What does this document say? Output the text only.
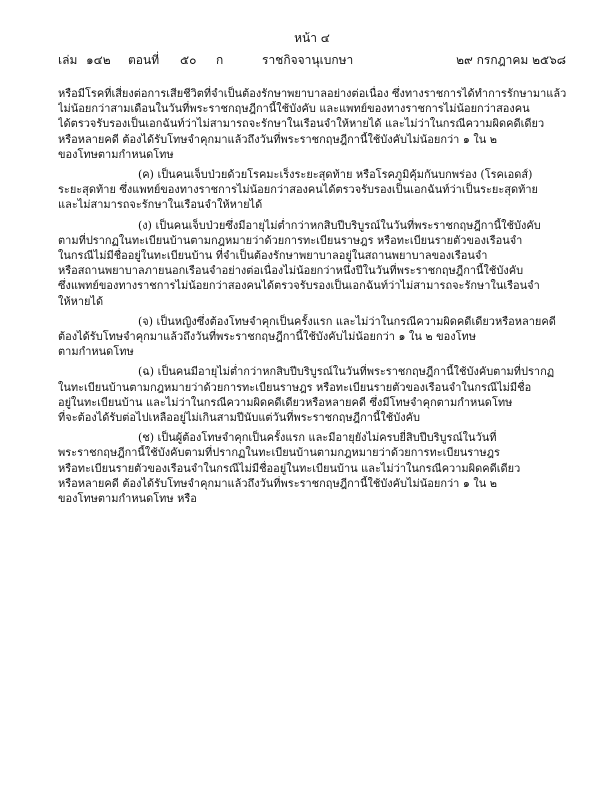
หน้า ๔
เล่ม ๑๔๒ ตอนที่ ๕๐ ก	ราชกิจจานุเบกษา	๒๙ กรกฎาคม ๒๕๖๘
หรือมีโรคที่เสี่ยงต่อการเสียชีวิตที่จำเป็นต้องรักษาพยาบาลอย่างต่อเนื่อง ซึ่งทางราชการได้ทำการรักษามาแล้ว
ไม่น้อยกว่าสามเดือนในวันที่พระราชกฤษฎีกานี้ใช้บังคับ และแพทย์ของทางราชการไม่น้อยกว่าสองคน
ได้ตรวจรับรองเป็นเอกฉันท์ว่าไม่สามารถจะรักษาในเรือนจำให้หายได้ และไม่ว่าในกรณีความผิดคดีเดียว
หรือหลายคดี ต้องได้รับโทษจำคุกมาแล้วถึงวันที่พระราชกฤษฎีกานี้ใช้บังคับไม่น้อยกว่า ๑ ใน ๒
ของโทษตามกำหนดโทษ
(ค) เป็นคนเจ็บป่วยด้วยโรคมะเร็งระยะสุดท้าย หรือโรคภูมิคุ้มกันบกพร่อง (โรคเอดส์)
ระยะสุดท้าย ซึ่งแพทย์ของทางราชการไม่น้อยกว่าสองคนได้ตรวจรับรองเป็นเอกฉันท์ว่าเป็นระยะสุดท้าย
และไม่สามารถจะรักษาในเรือนจำให้หายได้
(ง) เป็นคนเจ็บป่วยซึ่งมีอายุไม่ต่ำกว่าหกสิบปีบริบูรณ์ในวันที่พระราชกฤษฎีกานี้ใช้บังคับ
ตามที่ปรากฏในทะเบียนบ้านตามกฎหมายว่าด้วยการทะเบียนราษฎร หรือทะเบียนรายตัวของเรือนจำ
ในกรณีไม่มีชื่ออยู่ในทะเบียนบ้าน ที่จำเป็นต้องรักษาพยาบาลอยู่ในสถานพยาบาลของเรือนจำ
หรือสถานพยาบาลภายนอกเรือนจำอย่างต่อเนื่องไม่น้อยกว่าหนึ่งปีในวันที่พระราชกฤษฎีกานี้ใช้บังคับ
ซึ่งแพทย์ของทางราชการไม่น้อยกว่าสองคนได้ตรวจรับรองเป็นเอกฉันท์ว่าไม่สามารถจะรักษาในเรือนจำ
ให้หายได้
(จ) เป็นหญิงซึ่งต้องโทษจำคุกเป็นครั้งแรก และไม่ว่าในกรณีความผิดคดีเดียวหรือหลายคดี
ต้องได้รับโทษจำคุกมาแล้วถึงวันที่พระราชกฤษฎีกานี้ใช้บังคับไม่น้อยกว่า ๑ ใน ๒ ของโทษ
ตามกำหนดโทษ
(ฉ) เป็นคนมีอายุไม่ต่ำกว่าหกสิบปีบริบูรณ์ในวันที่พระราชกฤษฎีกานี้ใช้บังคับตามที่ปรากฏ
ในทะเบียนบ้านตามกฎหมายว่าด้วยการทะเบียนราษฎร หรือทะเบียนรายตัวของเรือนจำในกรณีไม่มีชื่อ
อยู่ในทะเบียนบ้าน และไม่ว่าในกรณีความผิดคดีเดียวหรือหลายคดี ซึ่งมีโทษจำคุกตามกำหนดโทษ
ที่จะต้องได้รับต่อไปเหลืออยู่ไม่เกินสามปีนับแต่วันที่พระราชกฤษฎีกานี้ใช้บังคับ
(ช) เป็นผู้ต้องโทษจำคุกเป็นครั้งแรก และมีอายุยังไม่ครบยี่สิบปีบริบูรณ์ในวันที่
พระราชกฤษฎีกานี้ใช้บังคับตามที่ปรากฏในทะเบียนบ้านตามกฎหมายว่าด้วยการทะเบียนราษฎร
หรือทะเบียนรายตัวของเรือนจำในกรณีไม่มีชื่ออยู่ในทะเบียนบ้าน และไม่ว่าในกรณีความผิดคดีเดียว
หรือหลายคดี ต้องได้รับโทษจำคุกมาแล้วถึงวันที่พระราชกฤษฎีกานี้ใช้บังคับไม่น้อยกว่า ๑ ใน ๒
ของโทษตามกำหนดโทษ หรือ
